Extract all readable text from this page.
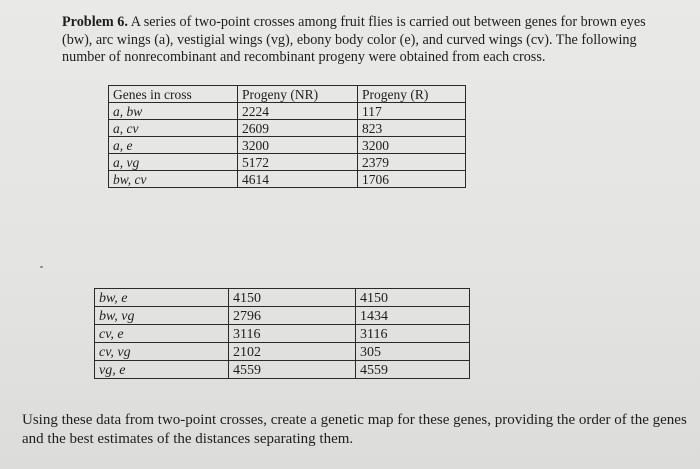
Problem 6. A series of two-point crosses among fruit flies is carried out between genes for brown eyes (bw), arc wings (a), vestigial wings (vg), ebony body color (e), and curved wings (cv). The following number of nonrecombinant and recombinant progeny were obtained from each cross.
Genes in cross	Progeny (NR)	Progeny (R)
a, bw	2224	117
a, cv	2609	823
a, e	3200	3200
a, vg	5172	2379
bw, cv	4614	1706
bw, e	4150	4150
bw, vg	2796	1434
cv, e	3116	3116
cv, vg	2102	305
vg, e	4559	4559
Using these data from two-point crosses, create a genetic map for these genes, providing the order of the genes and the best estimates of the distances separating them.
